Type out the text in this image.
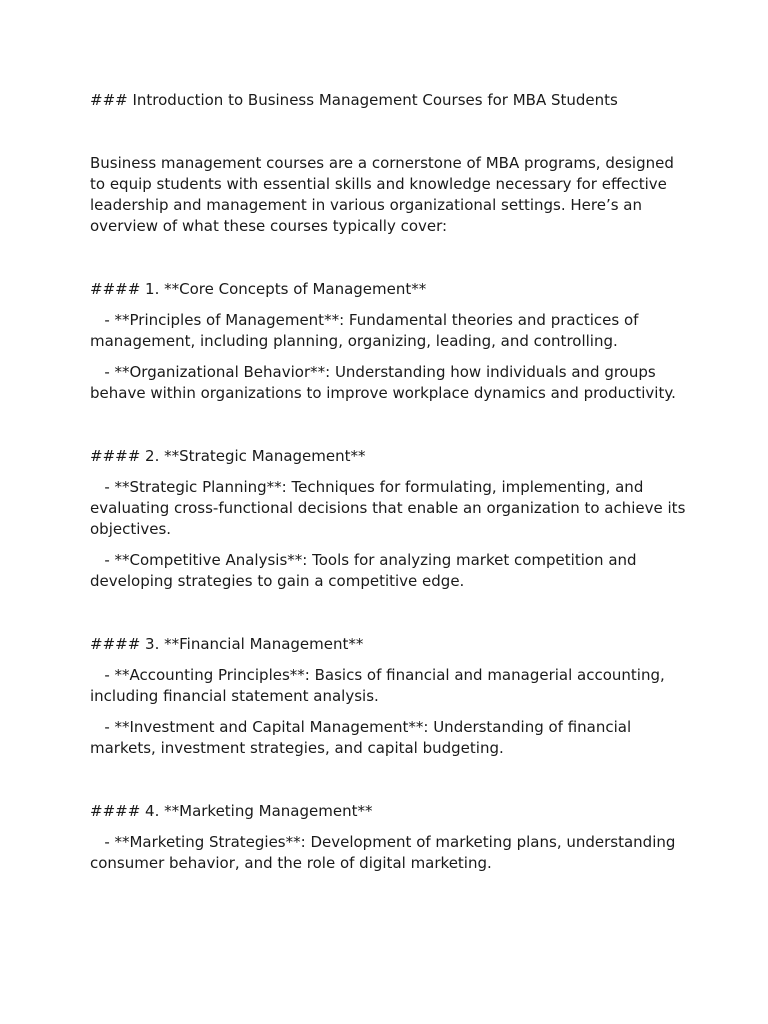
### Introduction to Business Management Courses for MBA Students

Business management courses are a cornerstone of MBA programs, designed to equip students with essential skills and knowledge necessary for effective leadership and management in various organizational settings. Here’s an overview of what these courses typically cover:

#### 1. **Core Concepts of Management**

- **Principles of Management**: Fundamental theories and practices of management, including planning, organizing, leading, and controlling.

- **Organizational Behavior**: Understanding how individuals and groups behave within organizations to improve workplace dynamics and productivity.

#### 2. **Strategic Management**

- **Strategic Planning**: Techniques for formulating, implementing, and evaluating cross-functional decisions that enable an organization to achieve its objectives.

- **Competitive Analysis**: Tools for analyzing market competition and developing strategies to gain a competitive edge.

#### 3. **Financial Management**

- **Accounting Principles**: Basics of financial and managerial accounting, including financial statement analysis.

- **Investment and Capital Management**: Understanding of financial markets, investment strategies, and capital budgeting.

#### 4. **Marketing Management**

- **Marketing Strategies**: Development of marketing plans, understanding consumer behavior, and the role of digital marketing.
